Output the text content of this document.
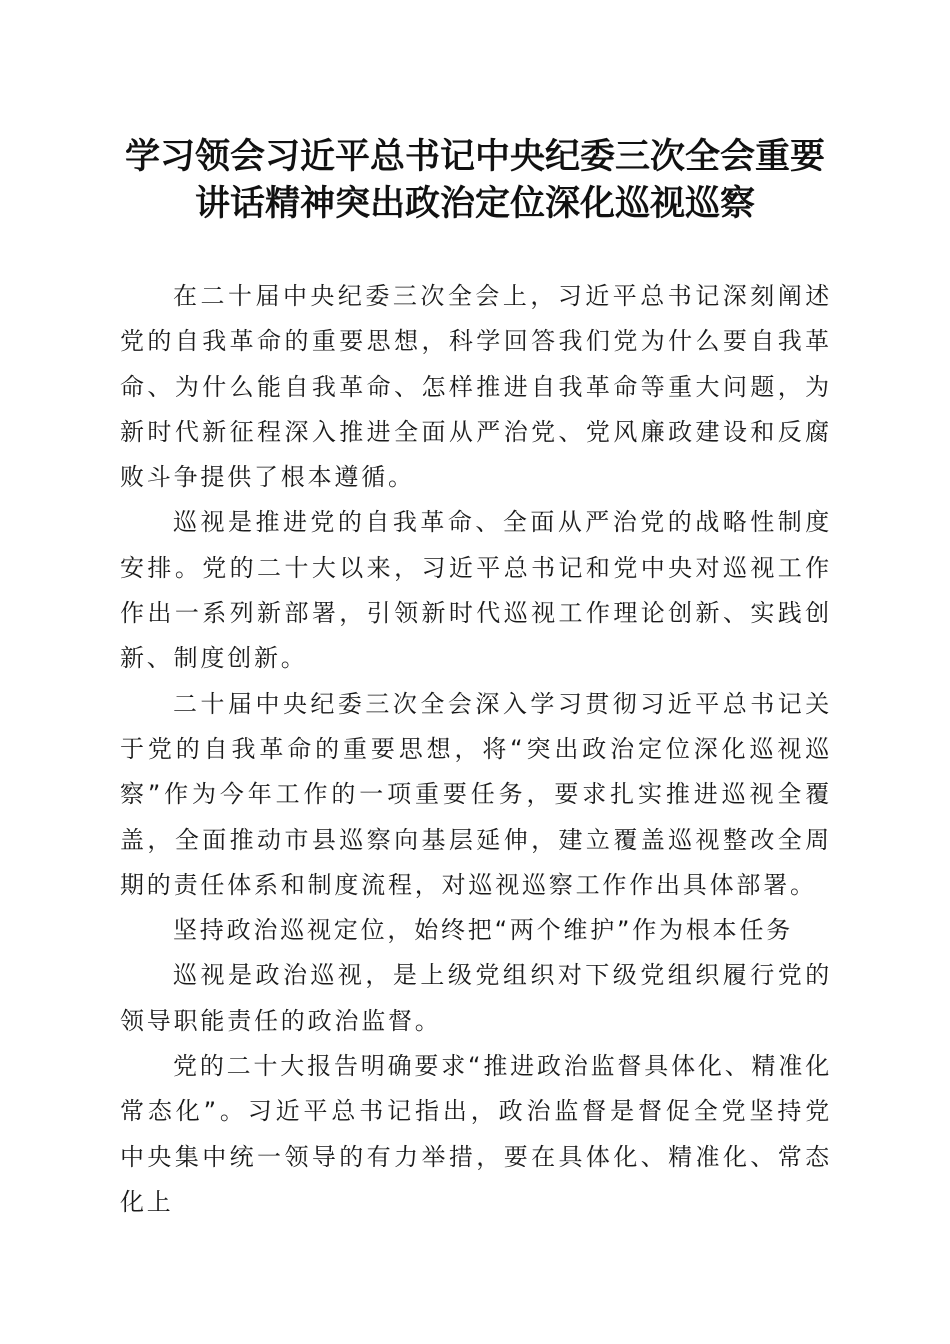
学习领会习近平总书记中央纪委三次全会重要
讲话精神突出政治定位深化巡视巡察

在二十届中央纪委三次全会上，习近平总书记深刻阐述党的自我革命的重要思想，科学回答我们党为什么要自我革命、为什么能自我革命、怎样推进自我革命等重大问题，为新时代新征程深入推进全面从严治党、党风廉政建设和反腐败斗争提供了根本遵循。

巡视是推进党的自我革命、全面从严治党的战略性制度安排。党的二十大以来，习近平总书记和党中央对巡视工作作出一系列新部署，引领新时代巡视工作理论创新、实践创新、制度创新。

二十届中央纪委三次全会深入学习贯彻习近平总书记关于党的自我革命的重要思想，将“突出政治定位深化巡视巡察”作为今年工作的一项重要任务，要求扎实推进巡视全覆盖，全面推动市县巡察向基层延伸，建立覆盖巡视整改全周期的责任体系和制度流程，对巡视巡察工作作出具体部署。

坚持政治巡视定位，始终把“两个维护”作为根本任务

巡视是政治巡视，是上级党组织对下级党组织履行党的领导职能责任的政治监督。

党的二十大报告明确要求“推进政治监督具体化、精准化常态化”。习近平总书记指出，政治监督是督促全党坚持党中央集中统一领导的有力举措，要在具体化、精准化、常态化上
